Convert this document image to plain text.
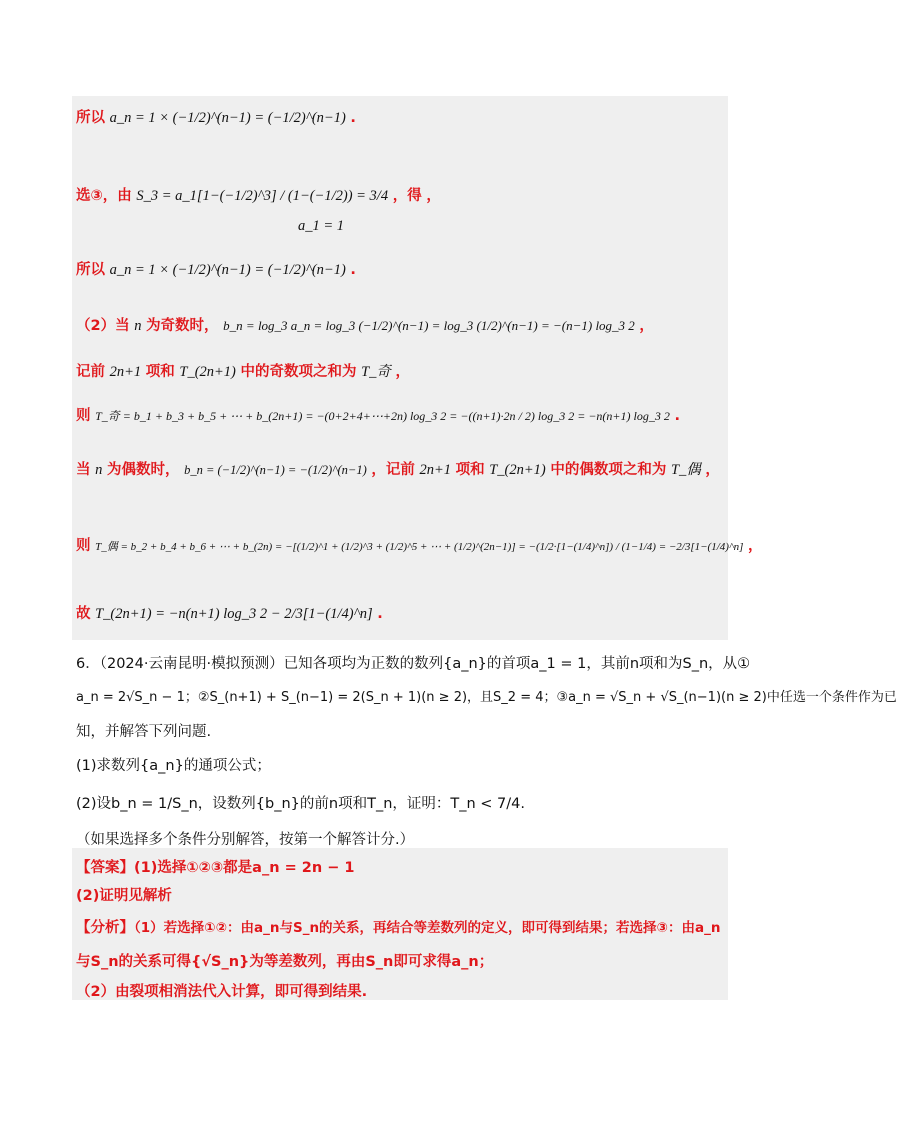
所以 a_n = 1 × (−1/2)^(n−1) = (−1/2)^(n−1) .
选③，由 S_3 = a_1[1−(−1/2)^3] / (1−(−1/2)) = 3/4 ，得 ，
a_1 = 1
所以 a_n = 1 × (−1/2)^(n−1) = (−1/2)^(n−1) .
（2）当 n 为奇数时， b_n = log_3 a_n = log_3 (−1/2)^(n−1) = log_3 (1/2)^(n−1) = −(n−1) log_3 2 ，
记前 2n+1 项和 T_(2n+1) 中的奇数项之和为 T_奇 ，
则 T_奇 = b_1 + b_3 + b_5 + ⋯ + b_(2n+1) = −(0+2+4+⋯+2n) log_3 2 = −((n+1)·2n / 2) log_3 2 = −n(n+1) log_3 2 .
当 n 为偶数时， b_n = (−1/2)^(n−1) = −(1/2)^(n−1) ，记前 2n+1 项和 T_(2n+1) 中的偶数项之和为 T_偶 ，
则 T_偶 = b_2 + b_4 + b_6 + ⋯ + b_(2n) = −[(1/2)^1 + (1/2)^3 + (1/2)^5 + ⋯ + (1/2)^(2n−1)] = −(1/2·[1−(1/4)^n]) / (1−1/4) = −2/3[1−(1/4)^n] ，
故 T_(2n+1) = −n(n+1) log_3 2 − 2/3[1−(1/4)^n] .
6．（2024·云南昆明·模拟预测）已知各项均为正数的数列{a_n}的首项a_1 = 1，其前n项和为S_n，从①
a_n = 2√S_n − 1；②S_(n+1) + S_(n−1) = 2(S_n + 1)(n ≥ 2)，且S_2 = 4；③a_n = √S_n + √S_(n−1)(n ≥ 2)中任选一个条件作为已
知，并解答下列问题.
(1)求数列{a_n}的通项公式；
(2)设b_n = 1/S_n，设数列{b_n}的前n项和T_n，证明：T_n < 7/4.
（如果选择多个条件分别解答，按第一个解答计分.）
【答案】(1)选择①②③都是a_n = 2n − 1
(2)证明见解析
【分析】（1）若选择①②：由a_n与S_n的关系，再结合等差数列的定义，即可得到结果；若选择③：由a_n
与S_n的关系可得{√S_n}为等差数列，再由S_n即可求得a_n；
（2）由裂项相消法代入计算，即可得到结果.
